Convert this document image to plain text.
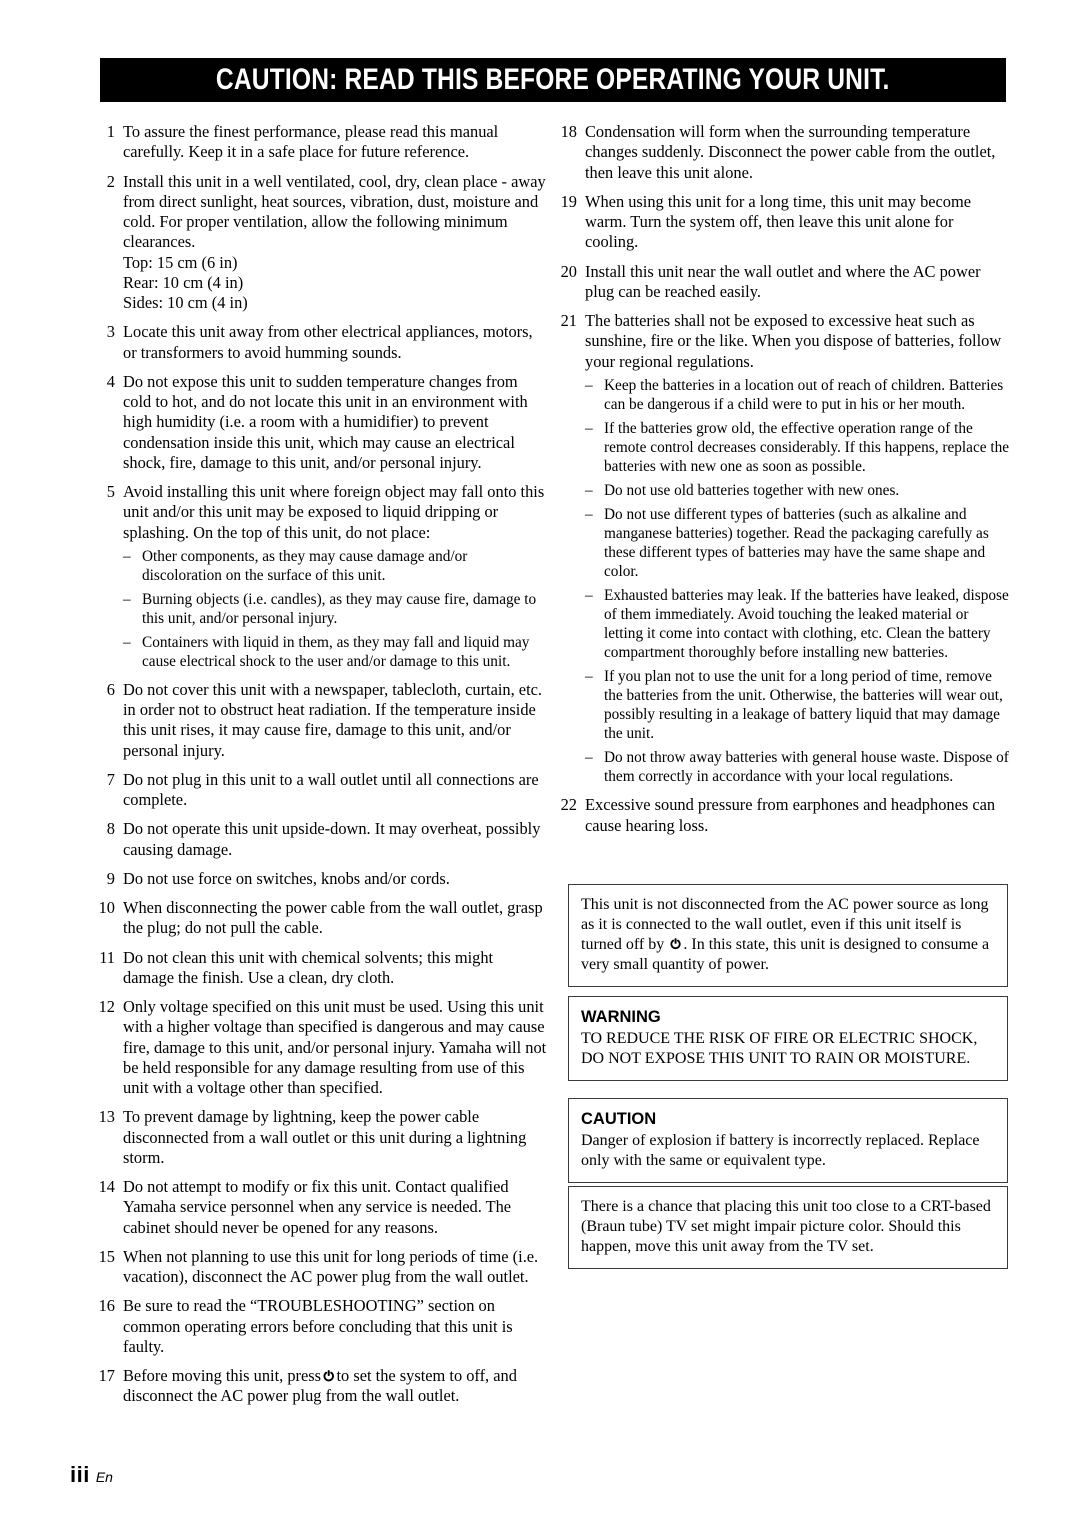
CAUTION: READ THIS BEFORE OPERATING YOUR UNIT.
1 To assure the finest performance, please read this manual carefully. Keep it in a safe place for future reference.

2 Install this unit in a well ventilated, cool, dry, clean place - away from direct sunlight, heat sources, vibration, dust, moisture and cold. For proper ventilation, allow the following minimum clearances.

Top: 15 cm (6 in)

Rear: 10 cm (4 in)

Sides: 10 cm (4 in)

3 Locate this unit away from other electrical appliances, motors, or transformers to avoid humming sounds.

4 Do not expose this unit to sudden temperature changes from cold to hot, and do not locate this unit in an environment with high humidity (i.e. a room with a humidifier) to prevent condensation inside this unit, which may cause an electrical shock, fire, damage to this unit, and/or personal injury.

5 Avoid installing this unit where foreign object may fall onto this unit and/or this unit may be exposed to liquid dripping or splashing. On the top of this unit, do not place:

– Other components, as they may cause damage and/or discoloration on the surface of this unit.
– Burning objects (i.e. candles), as they may cause fire, damage to this unit, and/or personal injury.
– Containers with liquid in them, as they may fall and liquid may cause electrical shock to the user and/or damage to this unit.
6 Do not cover this unit with a newspaper, tablecloth, curtain, etc. in order not to obstruct heat radiation. If the temperature inside this unit rises, it may cause fire, damage to this unit, and/or personal injury.

7 Do not plug in this unit to a wall outlet until all connections are complete.

8 Do not operate this unit upside-down. It may overheat, possibly causing damage.

9 Do not use force on switches, knobs and/or cords.

10 When disconnecting the power cable from the wall outlet, grasp the plug; do not pull the cable.

11 Do not clean this unit with chemical solvents; this might damage the finish. Use a clean, dry cloth.

12 Only voltage specified on this unit must be used. Using this unit with a higher voltage than specified is dangerous and may cause fire, damage to this unit, and/or personal injury. Yamaha will not be held responsible for any damage resulting from use of this unit with a voltage other than specified.

13 To prevent damage by lightning, keep the power cable disconnected from a wall outlet or this unit during a lightning storm.

14 Do not attempt to modify or fix this unit. Contact qualified Yamaha service personnel when any service is needed. The cabinet should never be opened for any reasons.

15 When not planning to use this unit for long periods of time (i.e. vacation), disconnect the AC power plug from the wall outlet.

16 Be sure to read the “TROUBLESHOOTING” section on common operating errors before concluding that this unit is faulty.

17 Before moving this unit, press to set the system to off, and disconnect the AC power plug from the wall outlet.

18 Condensation will form when the surrounding temperature changes suddenly. Disconnect the power cable from the outlet, then leave this unit alone.

19 When using this unit for a long time, this unit may become warm. Turn the system off, then leave this unit alone for cooling.

20 Install this unit near the wall outlet and where the AC power plug can be reached easily.

21 The batteries shall not be exposed to excessive heat such as sunshine, fire or the like. When you dispose of batteries, follow your regional regulations.

– Keep the batteries in a location out of reach of children. Batteries can be dangerous if a child were to put in his or her mouth.
– If the batteries grow old, the effective operation range of the remote control decreases considerably. If this happens, replace the batteries with new one as soon as possible.
– Do not use old batteries together with new ones.
– Do not use different types of batteries (such as alkaline and manganese batteries) together. Read the packaging carefully as these different types of batteries may have the same shape and color.
– Exhausted batteries may leak. If the batteries have leaked, dispose of them immediately. Avoid touching the leaked material or letting it come into contact with clothing, etc. Clean the battery compartment thoroughly before installing new batteries.
– If you plan not to use the unit for a long period of time, remove the batteries from the unit. Otherwise, the batteries will wear out, possibly resulting in a leakage of battery liquid that may damage the unit.
– Do not throw away batteries with general house waste. Dispose of them correctly in accordance with your local regulations.
22 Excessive sound pressure from earphones and headphones can cause hearing loss.

This unit is not disconnected from the AC power source as long as it is connected to the wall outlet, even if this unit itself is turned off by . In this state, this unit is designed to consume a very small quantity of power.

WARNING

TO REDUCE THE RISK OF FIRE OR ELECTRIC SHOCK, DO NOT EXPOSE THIS UNIT TO RAIN OR MOISTURE.

CAUTION

Danger of explosion if battery is incorrectly replaced. Replace only with the same or equivalent type.

There is a chance that placing this unit too close to a CRT-based (Braun tube) TV set might impair picture color. Should this happen, move this unit away from the TV set.

iii En
